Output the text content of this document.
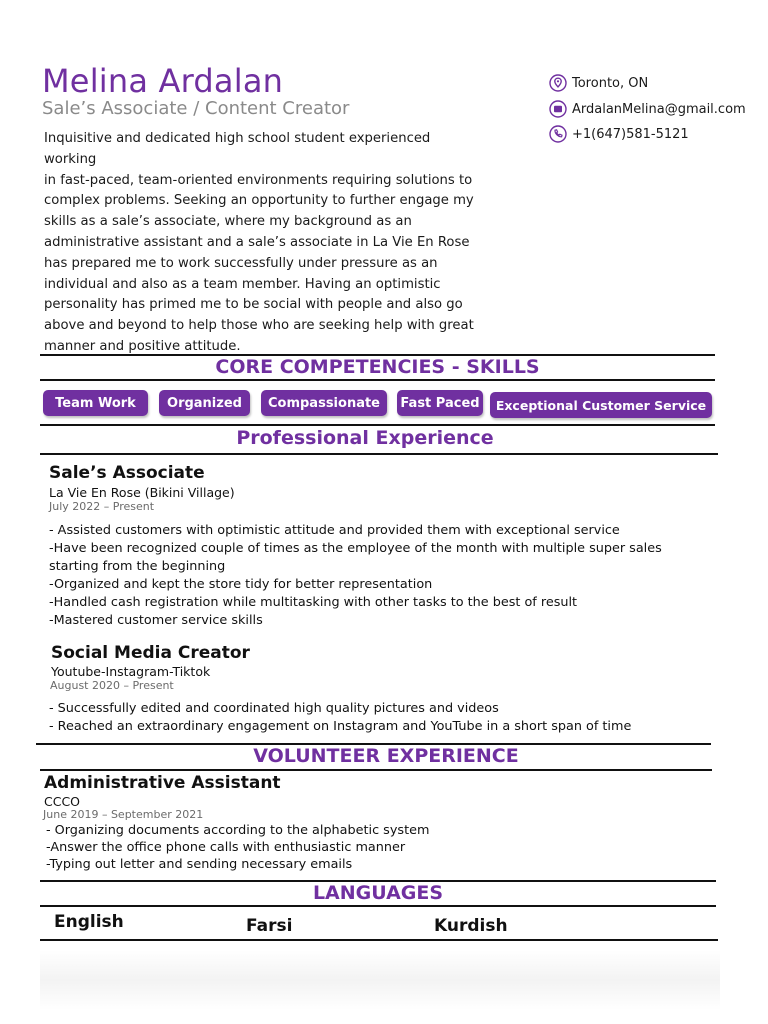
Melina Ardalan
Sale’s Associate / Content Creator
Inquisitive and dedicated high school student experienced working
in fast-paced, team-oriented environments requiring solutions to
complex problems. Seeking an opportunity to further engage my
skills as a sale’s associate, where my background as an
administrative assistant and a sale’s associate in La Vie En Rose
has prepared me to work successfully under pressure as an
individual and also as a team member. Having an optimistic
personality has primed me to be social with people and also go
above and beyond to help those who are seeking help with great
manner and positive attitude.
Toronto, ON
ArdalanMelina@gmail.com
+1(647)581-5121
CORE COMPETENCIES - SKILLS
Team Work	Organized	Compassionate	Fast Paced	Exceptional Customer Service
Professional Experience
Sale’s Associate
La Vie En Rose (Bikini Village)
July 2022 – Present
- Assisted customers with optimistic attitude and provided them with exceptional service
-Have been recognized couple of times as the employee of the month with multiple super sales
starting from the beginning
-Organized and kept the store tidy for better representation
-Handled cash registration while multitasking with other tasks to the best of result
-Mastered customer service skills
Social Media Creator
Youtube-Instagram-Tiktok
August 2020 – Present
- Successfully edited and coordinated high quality pictures and videos
- Reached an extraordinary engagement on Instagram and YouTube in a short span of time
VOLUNTEER EXPERIENCE
Administrative Assistant
CCCO
June 2019 – September 2021
- Organizing documents according to the alphabetic system
-Answer the office phone calls with enthusiastic manner
-Typing out letter and sending necessary emails
LANGUAGES
English	Farsi	Kurdish
